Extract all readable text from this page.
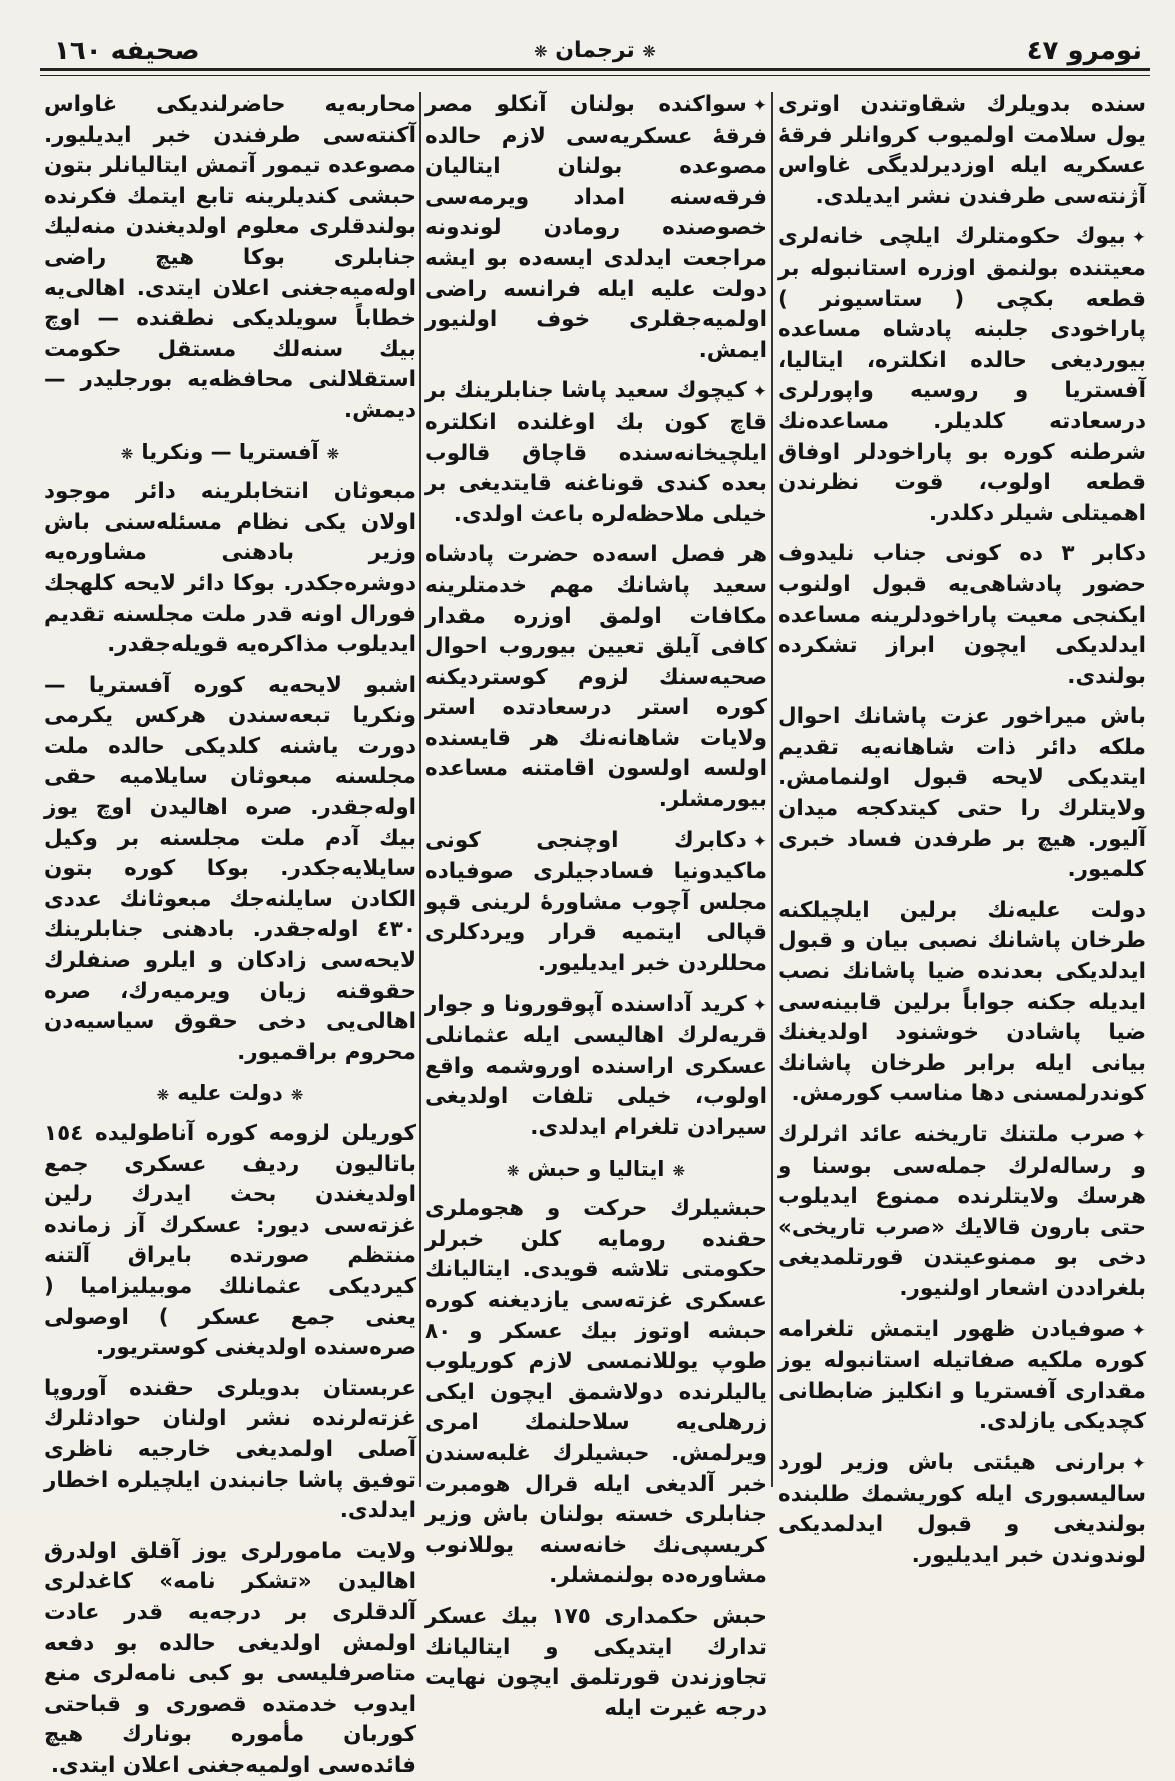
نومرو ٤٧
❋ ترجمان ❋
صحیفه ١٦٠

سنده بدویلرك شقاوتندن اوتری یول سلامت اولمیوب کروانلر فرقهٔ عسکریه ایله اوزدیرلدیگی غاواس آژنته‌سی طرفندن نشر ایدیلدی.

✦بیوك حکومتلرك ایلچی خانه‌لری معیتنده بولنمق اوزره استانبوله بر قطعه بکچی ( ستاسیونر ) پاراخودی جلبنه پادشاه مساعده بیوردیغی حالده انکلتره، ایتالیا، آفستریا و روسیه واپورلری درسعادته کلدیلر. مساعده‌نك شرطنه کوره بو پاراخودلر اوفاق قطعه اولوب، قوت نظرندن اهمیتلی شیلر دکلدر.

دکابر ٣ ده کونی جناب نلیدوف حضور پادشاهی‌یه قبول اولنوب ایکنجی معیت پاراخودلرینه مساعده ایدلدیکی ایچون ابراز تشکرده بولندی.

باش میراخور عزت پاشانك احوال ملکه دائر ذات شاهانه‌یه تقدیم ایتدیکی لایحه قبول اولنمامش. ولایتلرك را حتی کیتدکجه میدان آلیور. هیچ بر طرفدن فساد خبری کلمیور.

دولت علیه‌نك برلین ایلچیلکنه طرخان پاشانك نصبی بیان و قبول ایدلدیکی بعدنده ضیا پاشانك نصب ایدیله جکنه جواباً برلین قابینه‌سی ضیا پاشادن خوشنود اولدیغنك بیانی ایله برابر طرخان پاشانك کوندرلمسنی دها مناسب کورمش.

✦صرب ملتنك تاریخنه عائد اثرلرك و رساله‌لرك جمله‌سی بوسنا و هرسك ولایتلرنده ممنوع ایدیلوب حتی بارون قالایك «صرب تاریخی» دخی بو ممنوعیتدن قورتلمدیغی بلغراددن اشعار اولنیور.

✦صوفیادن ظهور ایتمش تلغرامه کوره ملکیه صفاتیله استانبوله یوز مقداری آفستریا و انکلیز ضابطانی کچدیکی یازلدی.

✦برارنی هیئتی باش وزیر لورد سالیسبوری ایله کوریشمك طلبنده بولندیغی و قبول ایدلمدیکی لوندوندن خبر ایدیلیور.

✦سواکنده بولنان آنکلو مصر فرقهٔ عسکریه‌سی لازم حالده مصوعده بولنان ایتالیان فرقه‌سنه امداد ویرمه‌سی خصوصنده رومادن لوندونه مراجعت ایدلدی ایسه‌ده بو ایشه دولت علیه ایله فرانسه راضی اولمیه‌جقلری خوف اولنیور ایمش.

✦کیچوك سعید پاشا جنابلرینك بر قاچ کون بك اوغلنده انکلتره ایلچیخانه‌سنده قاچاق قالوب بعده کندی قوناغنه قایتدیغی بر خیلی ملاحظه‌لره باعث اولدی.

هر فصل اسه‌ده حضرت پادشاه سعید پاشانك مهم خدمتلرینه مکافات اولمق اوزره مقدار کافی آیلق تعیین بیوروب احوال صحیه‌سنك لزوم کوستردیکنه کوره استر درسعادتده استر ولایات شاهانه‌نك هر قایسنده اولسه اولسون اقامتنه مساعده بیورمشلر.

✦دکابرك اوچنجی کونی ماکیدونیا فسادجیلری صوفیاده مجلس آچوب مشاورهٔ لرینی قپو قپالی ایتمیه قرار ویردکلری محللردن خبر ایدیلیور.

✦کرید آداسنده آپوقورونا و جوار قریه‌لرك اهالیسی ایله عثمانلی عسکری اراسنده اوروشمه واقع اولوب، خیلی تلفات اولدیغی سیرادن تلغرام ایدلدی.

❋ایتالیا و حبش❋

حبشیلرك حرکت و هجوملری حقنده رومایه کلن خبرلر حکومتی تلاشه قویدی. ایتالیانك عسکری غزته‌سی یازدیغنه کوره حبشه اوتوز بیك عسکر و ٨٠ طوپ یوللانمسی لازم کوریلوب یالیلرنده دولاشمق ایچون ایکی زرهلی‌یه سلاحلنمك امری ویرلمش. حبشیلرك غلبه‌سندن خبر آلدیغی ایله قرال هومبرت جنابلری خسته بولنان باش وزیر کریسپی‌نك خانه‌سنه یوللانوب مشاوره‌ده بولنمشلر.

حبش حکمداری ١٧٥ بیك عسکر تدارك ایتدیکی و ایتالیانك تجاوزندن قورتلمق ایچون نهایت درجه غیرت ایله

محاربه‌یه حاضرلندیکی غاواس آکنته‌سی طرفندن خبر ایدیلیور. مصوعده تیمور آتمش ایتالیانلر بتون حبشی کندیلرینه تابع ایتمك فکرنده بولندقلری معلوم اولدیغندن منه‌لیك جنابلری بوکا هیچ راضی اوله‌میه‌جغنی اعلان ایتدی. اهالی‌یه خطاباً سویلدیکی نطقنده — اوچ بیك سنه‌لك مستقل حکومت استقلالنی محافظه‌یه بورجلیدر — دیمش.

❋آفستریا — ونکریا❋

مبعوثان انتخابلرینه دائر موجود اولان یکی نظام مسئله‌سنی باش وزیر بادهنی مشاوره‌یه دوشره‌جکدر. بوکا دائر لایحه کلهجك فورال اونه قدر ملت مجلسنه تقدیم ایدیلوب مذاکره‌یه قویله‌جقدر.

اشبو لایحه‌یه کوره آفستریا — ونکریا تبعه‌سندن هرکس یکرمی دورت یاشنه کلدیکی حالده ملت مجلسنه مبعوثان سایلامیه حقی اوله‌جقدر. صره اهالیدن اوچ یوز بیك آدم ملت مجلسنه بر وکیل سایلایه‌جکدر. بوکا کوره بتون الکادن سایلنه‌جك مبعوثانك عددی ٤٣٠ اوله‌جقدر. بادهنی جنابلرینك لایحه‌سی زادکان و ایلرو صنفلرك حقوقنه زیان ویرمیه‌رك، صره اهالی‌یی دخی حقوق سیاسیه‌دن محروم براقمیور.

❋دولت علیه❋

کوریلن لزومه کوره آناطولیده ١٥٤ باتالیون ردیف عسکری جمع اولدیغندن بحث ایدرك رلین غزته‌سی دیور: عسکرك آز زمانده منتظم صورتده بایراق آلتنه کیردیکی عثمانلك موبیلیزامیا ( یعنی جمع عسکر ) اوصولی صره‌سنده اولدیغنی کوستریور.

عربستان بدویلری حقنده آوروپا غزته‌لرنده نشر اولنان حوادثلرك آصلی اولمدیغی خارجیه ناظری توفیق پاشا جانبندن ایلچیلره اخطار ایدلدی.

ولایت مامورلری یوز آقلق اولدرق اهالیدن «تشکر نامه» کاغدلری آلدقلری بر درجه‌یه قدر عادت اولمش اولدیغی حالده بو دفعه متاصرفلیسی بو کبی نامه‌لری منع ایدوب خدمتده قصوری و قباحتی کوربان مأموره بونارك هیچ فائده‌سی اولمیه‌جغنی اعلان ایتدی.
